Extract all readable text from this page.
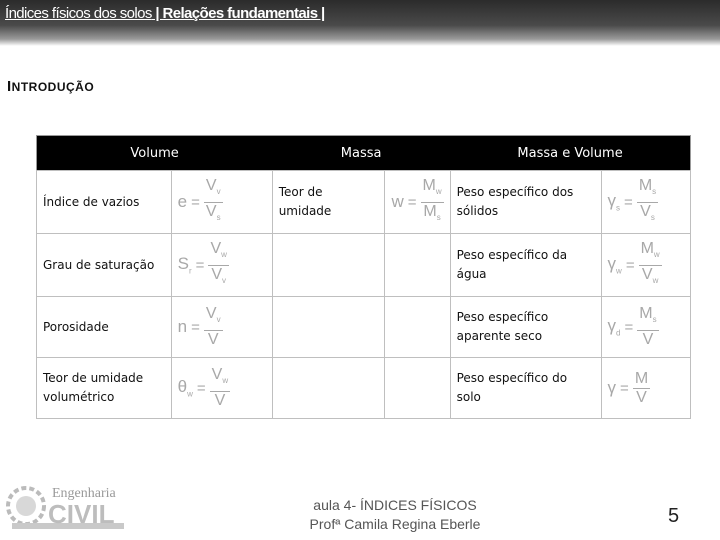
Índices físicos dos solos | Relações fundamentais |
INTRODUÇÃO
Volume		Massa		Massa e Volume	
Índice de vazios	$e = \frac{V_v}{V_s}$	Teor de umidade	$w = \frac{M_w}{M_s}$	Peso específico dos sólidos	$\gamma_s = \frac{M_s}{V_s}$

Grau de saturação	$S_r = \frac{V_w}{V_v}$			Peso específico da água	$\gamma_w = \frac{M_w}{V_w}$

Porosidade	$n = \frac{V_v}{V}$			Peso específico aparente seco	$\gamma_d = \frac{M_s}{V}$

Teor de umidade volumétrico	$\theta_w = \frac{V_w}{V}$			Peso específico do solo	$\gamma = \frac{M}{V}$
Engenharia
CIVIL	aula 4- ÍNDICES FÍSICOS
Profª Camila Regina Eberle	5
